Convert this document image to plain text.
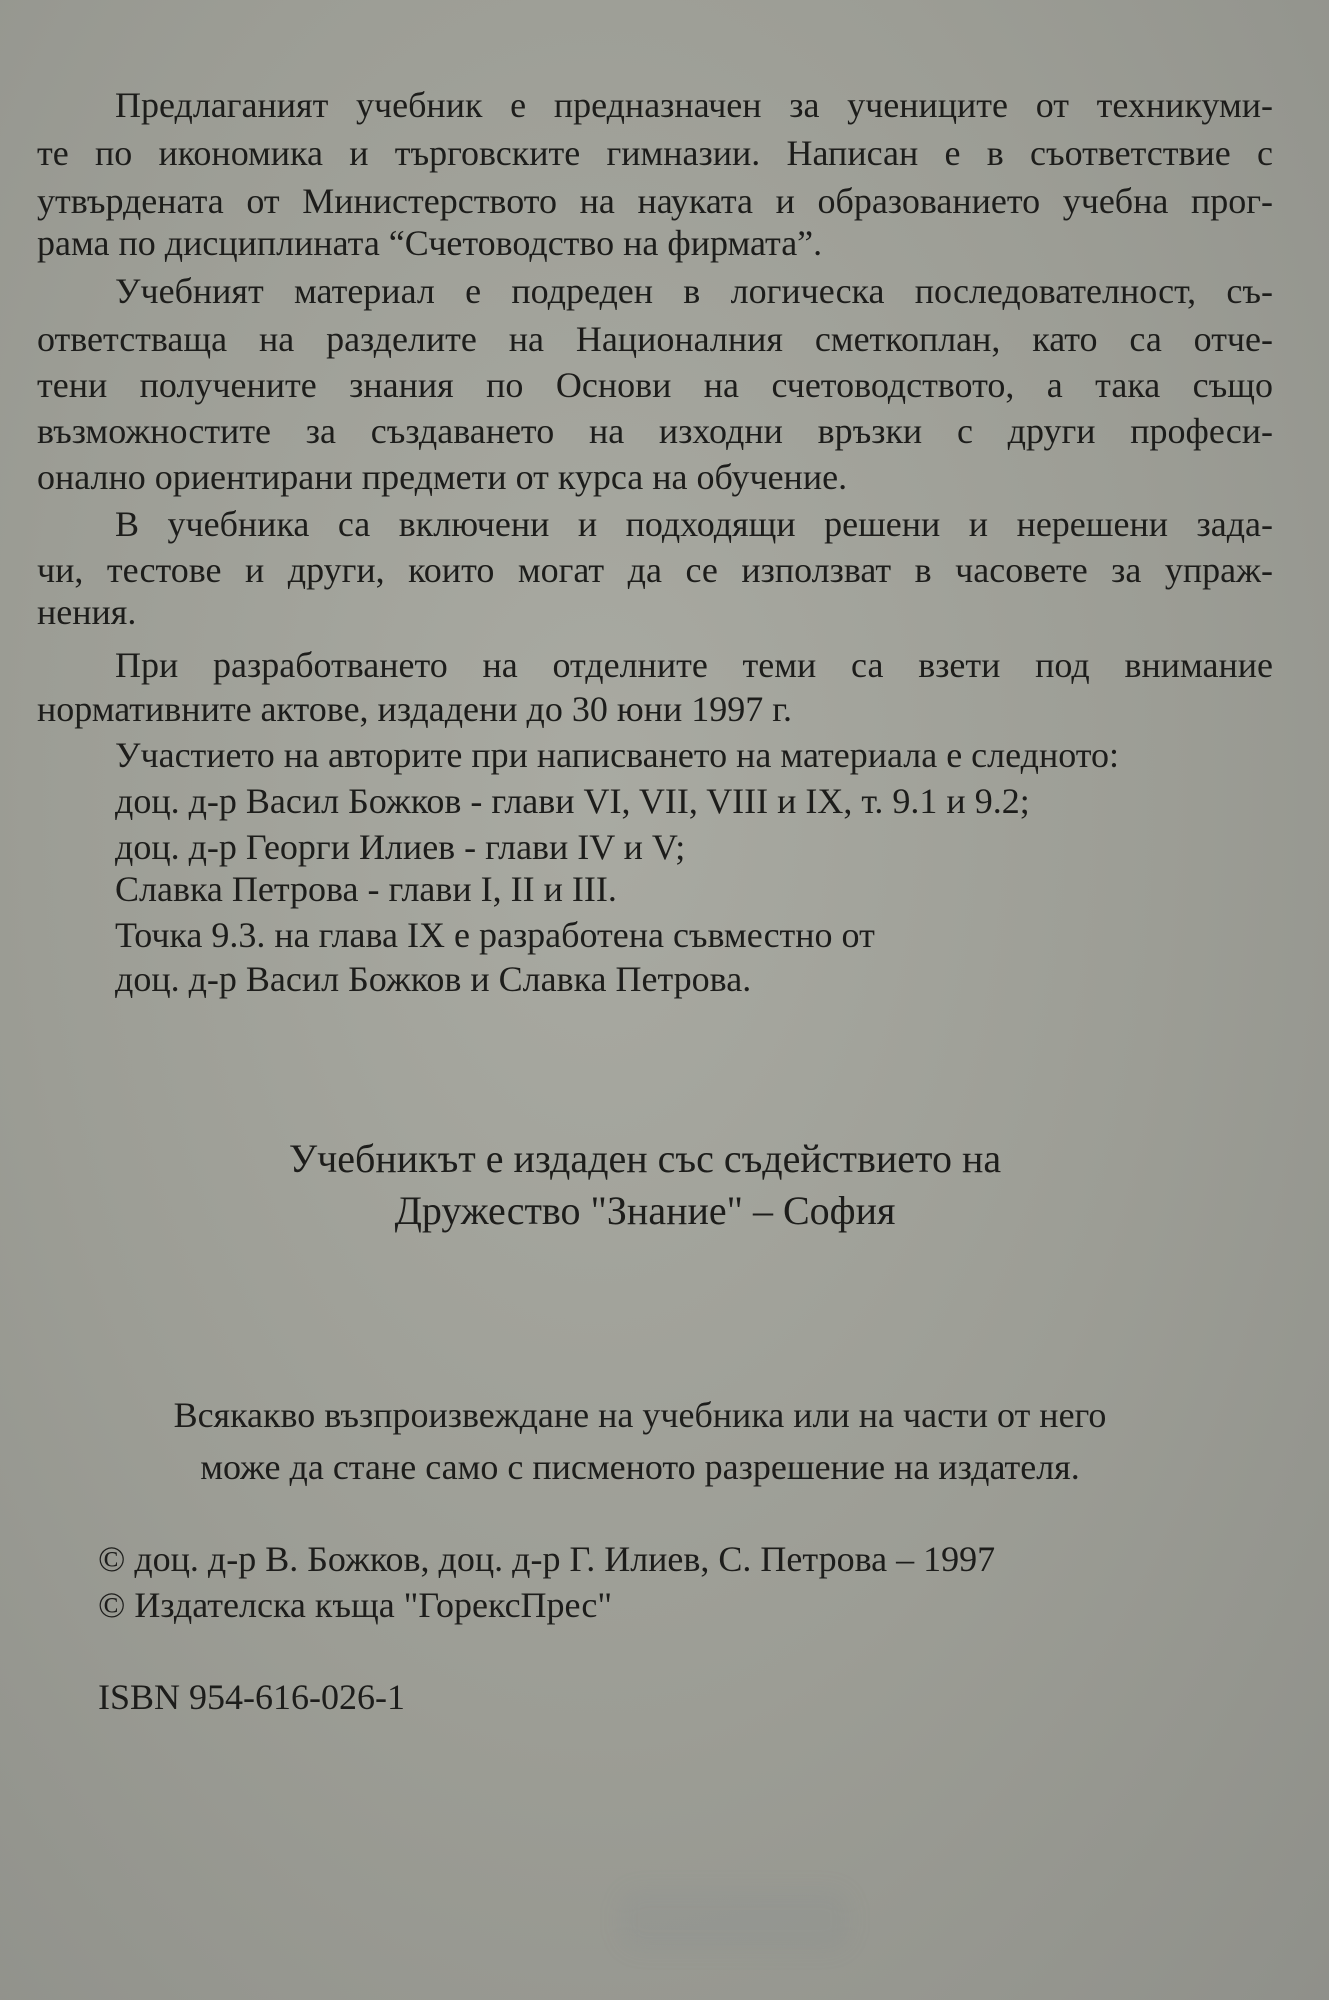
Предлаганият учебник е предназначен за учениците от техникуми-
те по икономика и търговските гимназии. Написан е в съответствие с
утвърдената от Министерството на науката и образованието учебна прог-
рама по дисциплината “Счетоводство на фирмата”.
Учебният материал е подреден в логическа последователност, съ-
ответстваща на разделите на Националния сметкоплан, като са отче-
тени получените знания по Основи на счетоводството, а така също
възможностите за създаването на изходни връзки с други професи-
онално ориентирани предмети от курса на обучение.
В учебника са включени и подходящи решени и нерешени зада-
чи, тестове и други, които могат да се използват в часовете за упраж-
нения.
При разработването на отделните теми са взети под внимание
нормативните актове, издадени до 30 юни 1997 г.
Участието на авторите при написването на материала е следното:
доц. д-р Васил Божков - глави VI, VII, VIII и IX, т. 9.1 и 9.2;
доц. д-р Георги Илиев - глави IV и V;
Славка Петрова - глави I, II и III.
Точка 9.3. на глава IX е разработена съвместно от
доц. д-р Васил Божков и Славка Петрова.
Учебникът е издаден със съдействието на
Дружество "Знание" – София
Всякакво възпроизвеждане на учебника или на части от него
може да стане само с писменото разрешение на издателя.
© доц. д-р В. Божков, доц. д-р Г. Илиев, С. Петрова – 1997
© Издателска къща "ГорексПрес"
ISBN 954-616-026-1
